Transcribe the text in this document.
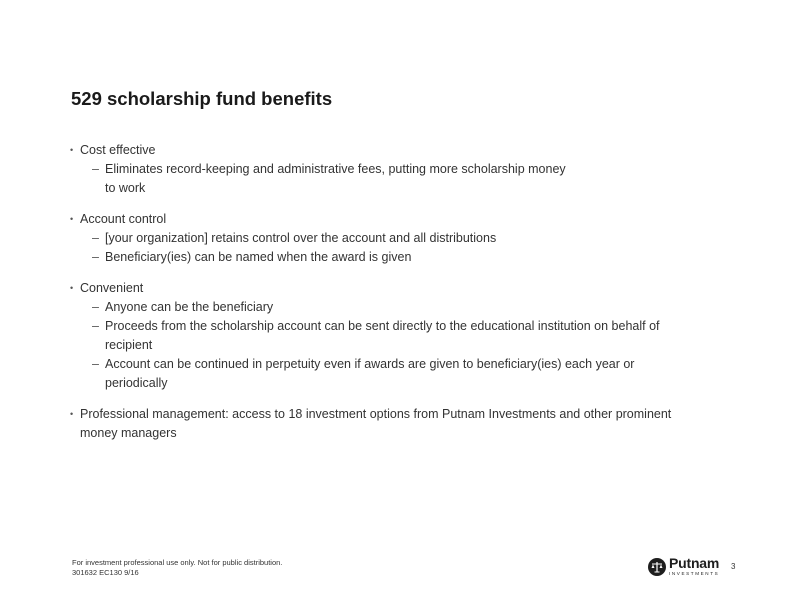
529 scholarship fund benefits
• Cost effective
– Eliminates record-keeping and administrative fees, putting more scholarship money to work
• Account control
– [your organization] retains control over the account and all distributions
– Beneficiary(ies) can be named when the award is given
• Convenient
– Anyone can be the beneficiary
– Proceeds from the scholarship account can be sent directly to the educational institution on behalf of recipient
– Account can be continued in perpetuity even if awards are given to beneficiary(ies) each year or periodically
• Professional management: access to 18 investment options from Putnam Investments and other prominent money managers
For investment professional use only. Not for public distribution.
301632 EC130 9/16
Putnam
INVESTMENTS
3
